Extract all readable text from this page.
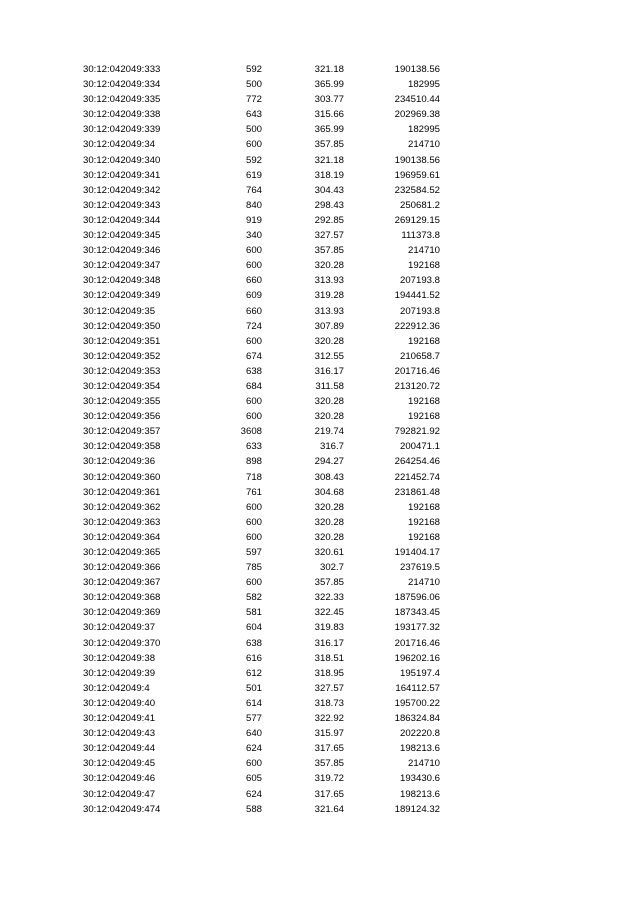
30:12:042049:333	592	321.18	190138.56
30:12:042049:334	500	365.99	182995
30:12:042049:335	772	303.77	234510.44
30:12:042049:338	643	315.66	202969.38
30:12:042049:339	500	365.99	182995
30:12:042049:34	600	357.85	214710
30:12:042049:340	592	321.18	190138.56
30:12:042049:341	619	318.19	196959.61
30:12:042049:342	764	304.43	232584.52
30:12:042049:343	840	298.43	250681.2
30:12:042049:344	919	292.85	269129.15
30:12:042049:345	340	327.57	111373.8
30:12:042049:346	600	357.85	214710
30:12:042049:347	600	320.28	192168
30:12:042049:348	660	313.93	207193.8
30:12:042049:349	609	319.28	194441.52
30:12:042049:35	660	313.93	207193.8
30:12:042049:350	724	307.89	222912.36
30:12:042049:351	600	320.28	192168
30:12:042049:352	674	312.55	210658.7
30:12:042049:353	638	316.17	201716.46
30:12:042049:354	684	311.58	213120.72
30:12:042049:355	600	320.28	192168
30:12:042049:356	600	320.28	192168
30:12:042049:357	3608	219.74	792821.92
30:12:042049:358	633	316.7	200471.1
30:12:042049:36	898	294.27	264254.46
30:12:042049:360	718	308.43	221452.74
30:12:042049:361	761	304.68	231861.48
30:12:042049:362	600	320.28	192168
30:12:042049:363	600	320.28	192168
30:12:042049:364	600	320.28	192168
30:12:042049:365	597	320.61	191404.17
30:12:042049:366	785	302.7	237619.5
30:12:042049:367	600	357.85	214710
30:12:042049:368	582	322.33	187596.06
30:12:042049:369	581	322.45	187343.45
30:12:042049:37	604	319.83	193177.32
30:12:042049:370	638	316.17	201716.46
30:12:042049:38	616	318.51	196202.16
30:12:042049:39	612	318.95	195197.4
30:12:042049:4	501	327.57	164112.57
30:12:042049:40	614	318.73	195700.22
30:12:042049:41	577	322.92	186324.84
30:12:042049:43	640	315.97	202220.8
30:12:042049:44	624	317.65	198213.6
30:12:042049:45	600	357.85	214710
30:12:042049:46	605	319.72	193430.6
30:12:042049:47	624	317.65	198213.6
30:12:042049:474	588	321.64	189124.32
